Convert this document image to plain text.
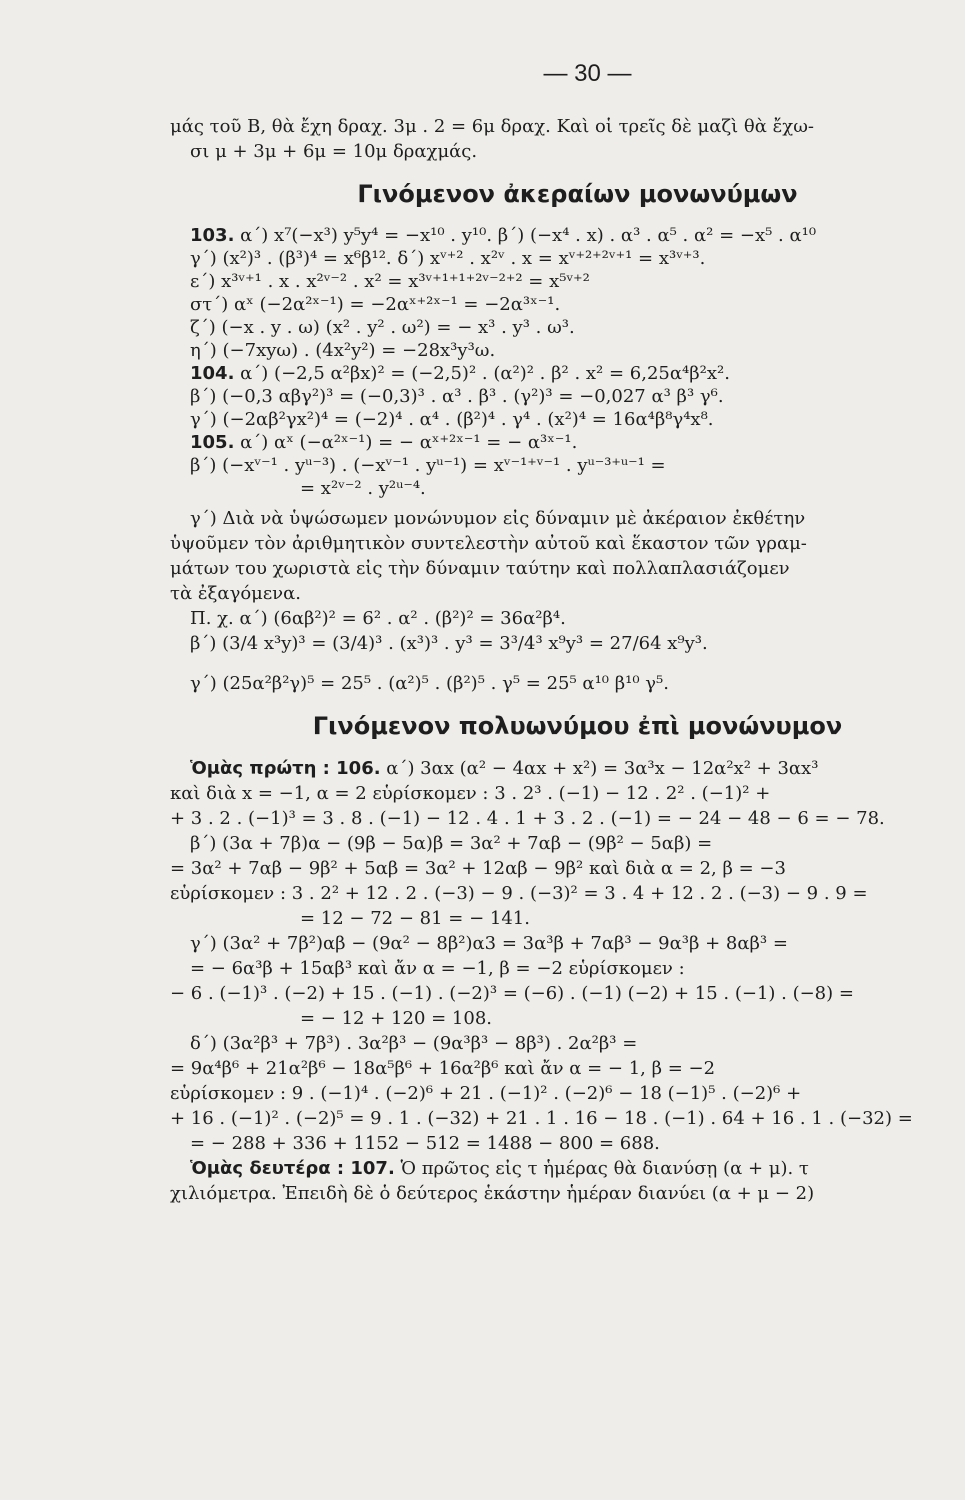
— 30 —
μάς τοῦ Β, θὰ ἔχη δραχ. 3μ . 2 = 6μ δραχ. Καὶ οἱ τρεῖς δὲ μαζὶ θὰ ἔχω-
σι μ + 3μ + 6μ = 10μ δραχμάς.
Γινόμενον ἀκεραίων μονωνύμων
103. α΄) x⁷(−x³) y⁵y⁴ = −x¹⁰ . y¹⁰. β΄) (−x⁴ . x) . α³ . α⁵ . α² = −x⁵ . α¹⁰
γ΄) (x²)³ . (β³)⁴ = x⁶β¹². δ΄) xᵛ⁺² . x²ᵛ . x = xᵛ⁺²⁺²ᵛ⁺¹ = x³ᵛ⁺³.
ε΄) x³ᵛ⁺¹ . x . x²ᵛ⁻² . x² = x³ᵛ⁺¹⁺¹⁺²ᵛ⁻²⁺² = x⁵ᵛ⁺²
στ΄) αˣ (−2α²ˣ⁻¹) = −2αˣ⁺²ˣ⁻¹ = −2α³ˣ⁻¹.
ζ΄) (−x . y . ω) (x² . y² . ω²) = − x³ . y³ . ω³.
η΄) (−7xyω) . (4x²y²) = −28x³y³ω.
104. α΄) (−2,5 α²βx)² = (−2,5)² . (α²)² . β² . x² = 6,25α⁴β²x².
β΄) (−0,3 αβγ²)³ = (−0,3)³ . α³ . β³ . (γ²)³ = −0,027 α³ β³ γ⁶.
γ΄) (−2αβ²γx²)⁴ = (−2)⁴ . α⁴ . (β²)⁴ . γ⁴ . (x²)⁴ = 16α⁴β⁸γ⁴x⁸.
105. α΄) αˣ (−α²ˣ⁻¹) = − αˣ⁺²ˣ⁻¹ = − α³ˣ⁻¹.
β΄) (−xᵛ⁻¹ . yᵘ⁻³) . (−xᵛ⁻¹ . yᵘ⁻¹) = xᵛ⁻¹⁺ᵛ⁻¹ . yᵘ⁻³⁺ᵘ⁻¹ =
= x²ᵛ⁻² . y²ᵘ⁻⁴.
γ΄) Διὰ νὰ ὑψώσωμεν μονώνυμον εἰς δύναμιν μὲ ἀκέραιον ἐκθέτην
ὑψοῦμεν τὸν ἀριθμητικὸν συντελεστὴν αὐτοῦ καὶ ἕκαστον τῶν γραμ-
μάτων του χωριστὰ εἰς τὴν δύναμιν ταύτην καὶ πολλαπλασιάζομεν
τὰ ἐξαγόμενα.
Π. χ. α΄) (6αβ²)² = 6² . α² . (β²)² = 36α²β⁴.
β΄) (3/4 x³y)³ = (3/4)³ . (x³)³ . y³ = 3³/4³ x⁹y³ = 27/64 x⁹y³.
γ΄) (25α²β²γ)⁵ = 25⁵ . (α²)⁵ . (β²)⁵ . γ⁵ = 25⁵ α¹⁰ β¹⁰ γ⁵.
Γινόμενον πολυωνύμου ἐπὶ μονώνυμον
Ὁμὰς πρώτη : 106. α΄) 3αx (α² − 4αx + x²) = 3α³x − 12α²x² + 3αx³
καὶ διὰ x = −1, α = 2 εὑρίσκομεν : 3 . 2³ . (−1) − 12 . 2² . (−1)² +
+ 3 . 2 . (−1)³ = 3 . 8 . (−1) − 12 . 4 . 1 + 3 . 2 . (−1) = − 24 − 48 − 6 = − 78.
β΄) (3α + 7β)α − (9β − 5α)β = 3α² + 7αβ − (9β² − 5αβ) =
= 3α² + 7αβ − 9β² + 5αβ = 3α² + 12αβ − 9β² καὶ διὰ α = 2, β = −3
εὑρίσκομεν : 3 . 2² + 12 . 2 . (−3) − 9 . (−3)² = 3 . 4 + 12 . 2 . (−3) − 9 . 9 =
= 12 − 72 − 81 = − 141.
γ΄) (3α² + 7β²)αβ − (9α² − 8β²)α3 = 3α³β + 7αβ³ − 9α³β + 8αβ³ =
= − 6α³β + 15αβ³ καὶ ἄν α = −1, β = −2 εὑρίσκομεν :
− 6 . (−1)³ . (−2) + 15 . (−1) . (−2)³ = (−6) . (−1) (−2) + 15 . (−1) . (−8) =
= − 12 + 120 = 108.
δ΄) (3α²β³ + 7β³) . 3α²β³ − (9α³β³ − 8β³) . 2α²β³ =
= 9α⁴β⁶ + 21α²β⁶ − 18α⁵β⁶ + 16α²β⁶ καὶ ἄν α = − 1, β = −2
εὑρίσκομεν : 9 . (−1)⁴ . (−2)⁶ + 21 . (−1)² . (−2)⁶ − 18 (−1)⁵ . (−2)⁶ +
+ 16 . (−1)² . (−2)⁵ = 9 . 1 . (−32) + 21 . 1 . 16 − 18 . (−1) . 64 + 16 . 1 . (−32) =
= − 288 + 336 + 1152 − 512 = 1488 − 800 = 688.
Ὁμὰς δευτέρα : 107. Ὁ πρῶτος εἰς τ ἡμέρας θὰ διανύσῃ (α + μ). τ
χιλιόμετρα. Ἐπειδὴ δὲ ὁ δεύτερος ἑκάστην ἡμέραν διανύει (α + μ − 2)
